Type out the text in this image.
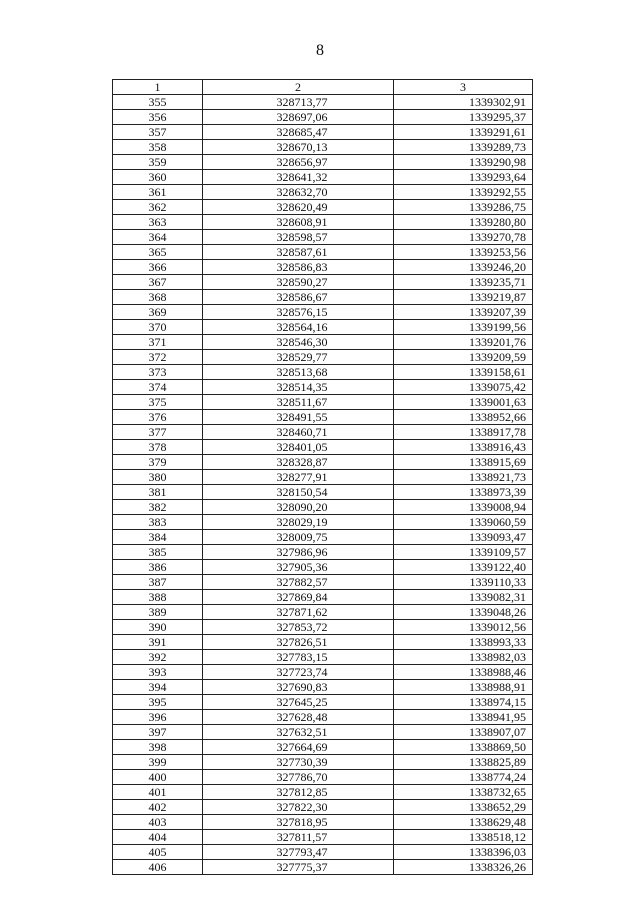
8
1	2	3
355	328713,77	1339302,91
356	328697,06	1339295,37
357	328685,47	1339291,61
358	328670,13	1339289,73
359	328656,97	1339290,98
360	328641,32	1339293,64
361	328632,70	1339292,55
362	328620,49	1339286,75
363	328608,91	1339280,80
364	328598,57	1339270,78
365	328587,61	1339253,56
366	328586,83	1339246,20
367	328590,27	1339235,71
368	328586,67	1339219,87
369	328576,15	1339207,39
370	328564,16	1339199,56
371	328546,30	1339201,76
372	328529,77	1339209,59
373	328513,68	1339158,61
374	328514,35	1339075,42
375	328511,67	1339001,63
376	328491,55	1338952,66
377	328460,71	1338917,78
378	328401,05	1338916,43
379	328328,87	1338915,69
380	328277,91	1338921,73
381	328150,54	1338973,39
382	328090,20	1339008,94
383	328029,19	1339060,59
384	328009,75	1339093,47
385	327986,96	1339109,57
386	327905,36	1339122,40
387	327882,57	1339110,33
388	327869,84	1339082,31
389	327871,62	1339048,26
390	327853,72	1339012,56
391	327826,51	1338993,33
392	327783,15	1338982,03
393	327723,74	1338988,46
394	327690,83	1338988,91
395	327645,25	1338974,15
396	327628,48	1338941,95
397	327632,51	1338907,07
398	327664,69	1338869,50
399	327730,39	1338825,89
400	327786,70	1338774,24
401	327812,85	1338732,65
402	327822,30	1338652,29
403	327818,95	1338629,48
404	327811,57	1338518,12
405	327793,47	1338396,03
406	327775,37	1338326,26
